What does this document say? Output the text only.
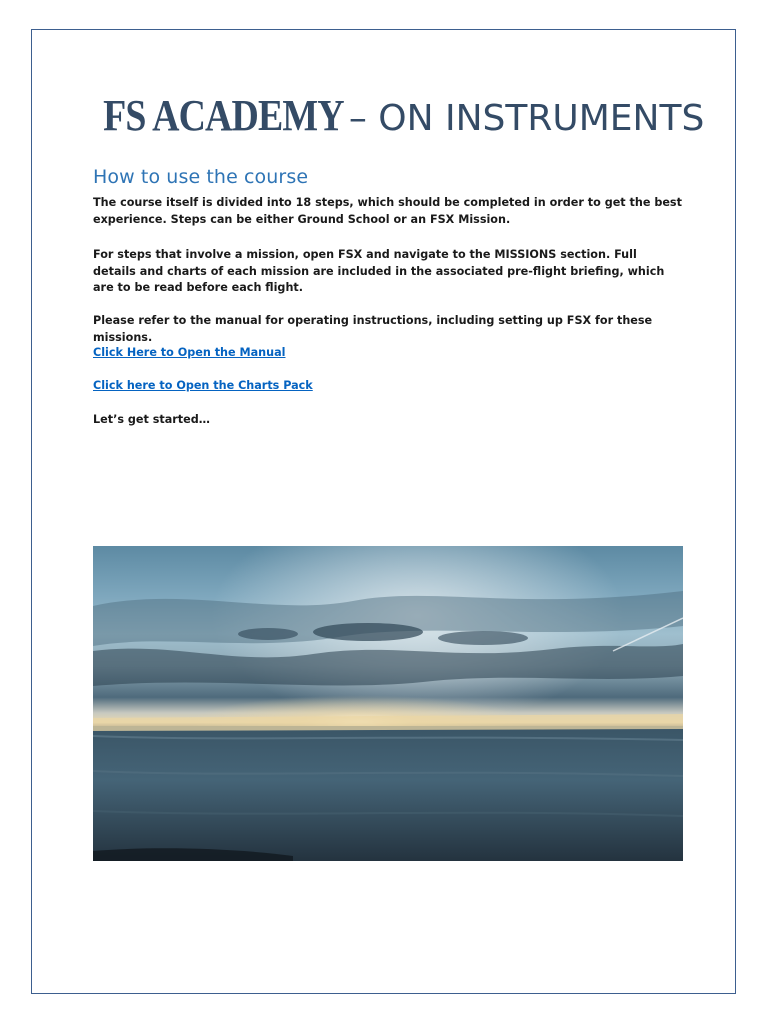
FS ACADEMY – ON INSTRUMENTS
How to use the course

The course itself is divided into 18 steps, which should be completed in order to get the best experience. Steps can be either Ground School or an FSX Mission.

For steps that involve a mission, open FSX and navigate to the MISSIONS section. Full details and charts of each mission are included in the associated pre-flight briefing, which are to be read before each flight.

Please refer to the manual for operating instructions, including setting up FSX for these missions.

Click Here to Open the Manual
Click here to Open the Charts Pack

Let’s get started…
